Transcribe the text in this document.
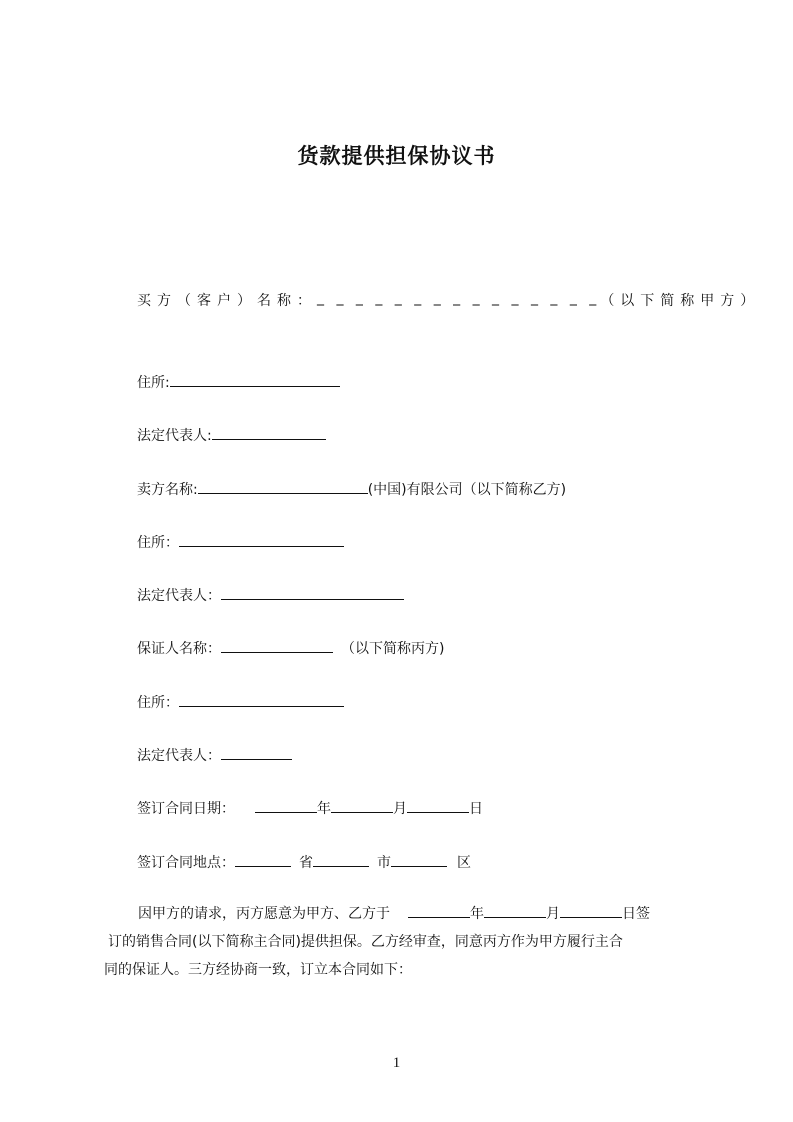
货款提供担保协议书
买方（客户）名称： _ _ _ _ _ _ _ _ _ _ _ _ _ _ _ （以下简称甲方）
住所:
法定代表人:
卖方名称:	(中国)有限公司（以下简称乙方)
住所：
法定代表人：
保证人名称：	（以下简称丙方)
住所：
法定代表人：
签订合同日期：	年	月	日
签订合同地点：	省	市	区
因甲方的请求，丙方愿意为甲方、乙方于	年	月	日签
订的销售合同(以下简称主合同)提供担保。乙方经审查，同意丙方作为甲方履行主合
同的保证人。三方经协商一致，订立本合同如下：
1
